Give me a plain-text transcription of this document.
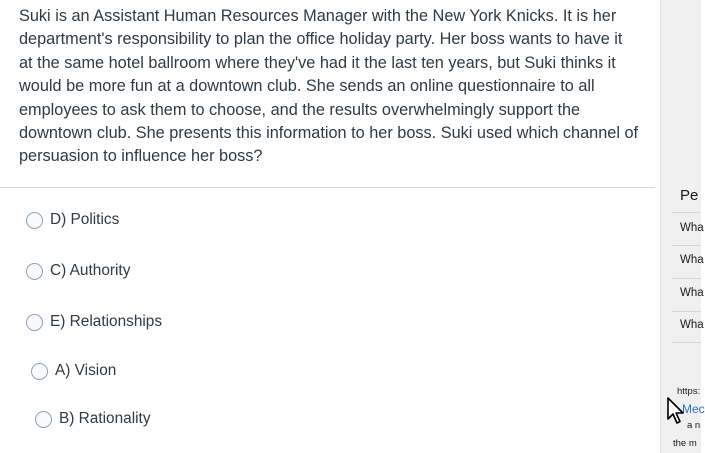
Suki is an Assistant Human Resources Manager with the New York Knicks. It is her department's responsibility to plan the office holiday party. Her boss wants to have it at the same hotel ballroom where they've had it the last ten years, but Suki thinks it would be more fun at a downtown club. She sends an online questionnaire to all employees to ask them to choose, and the results overwhelmingly support the downtown club. She presents this information to her boss. Suki used which channel of persuasion to influence her boss?
D) Politics
C) Authority
E) Relationships
A) Vision
B) Rationality
Pe
Wha
Wha
Wha
Wha
https:
Mec
a n
the m
